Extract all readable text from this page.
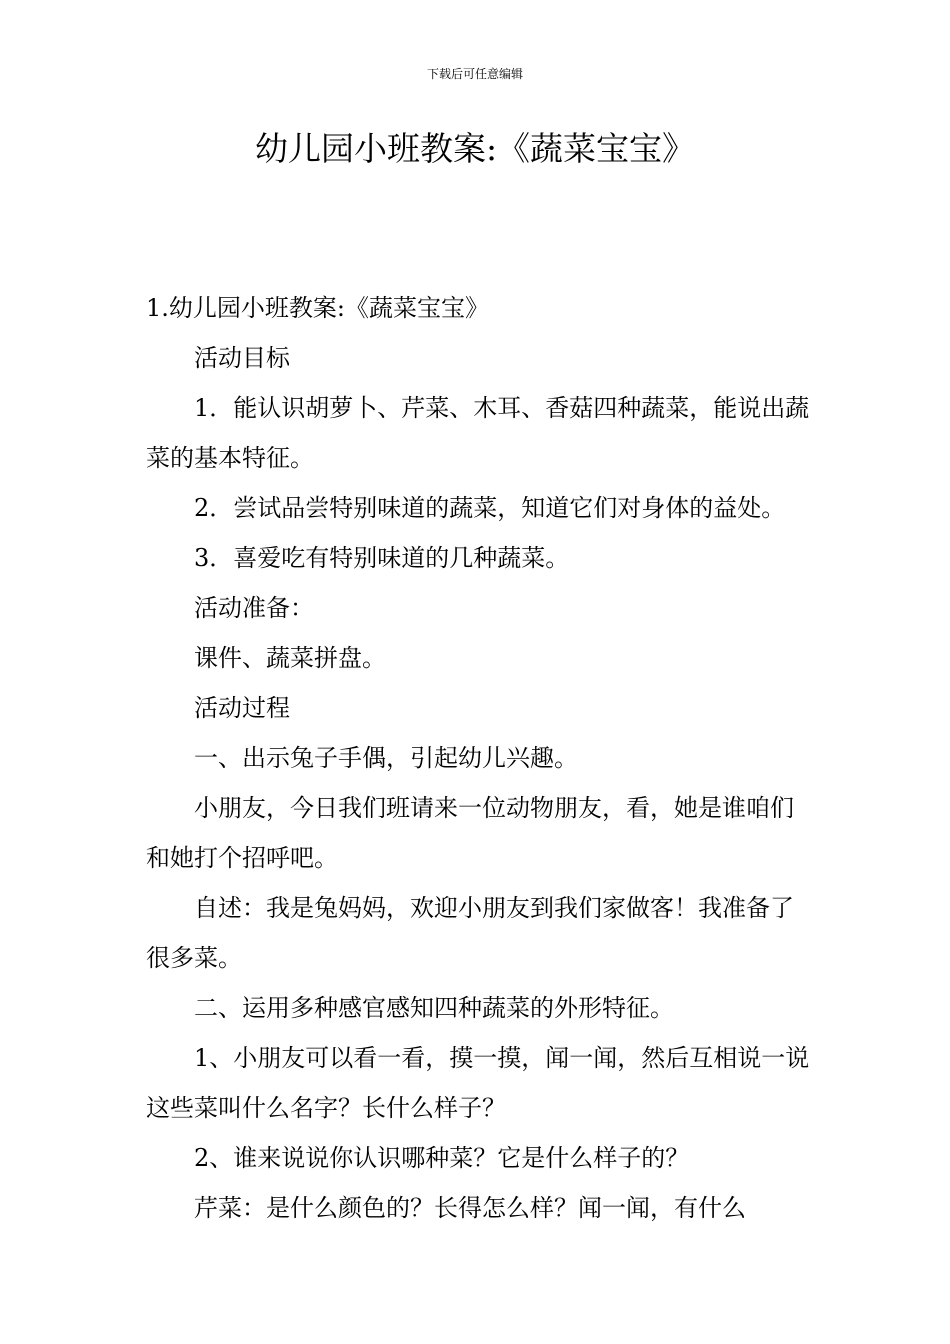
下载后可任意编辑
幼儿园小班教案:《蔬菜宝宝》

1.幼儿园小班教案:《蔬菜宝宝》

活动目标

1．能认识胡萝卜、芹菜、木耳、香菇四种蔬菜，能说出蔬菜的基本特征。

2．尝试品尝特别味道的蔬菜，知道它们对身体的益处。

3．喜爱吃有特别味道的几种蔬菜。

活动准备：

课件、蔬菜拼盘。

活动过程

一、出示兔子手偶，引起幼儿兴趣。

小朋友，今日我们班请来一位动物朋友，看，她是谁咱们和她打个招呼吧。

自述：我是兔妈妈，欢迎小朋友到我们家做客！我准备了很多菜。

二、运用多种感官感知四种蔬菜的外形特征。

1、小朋友可以看一看，摸一摸，闻一闻，然后互相说一说这些菜叫什么名字？长什么样子？

2、谁来说说你认识哪种菜？它是什么样子的？

芹菜：是什么颜色的？长得怎么样？闻一闻，有什么
